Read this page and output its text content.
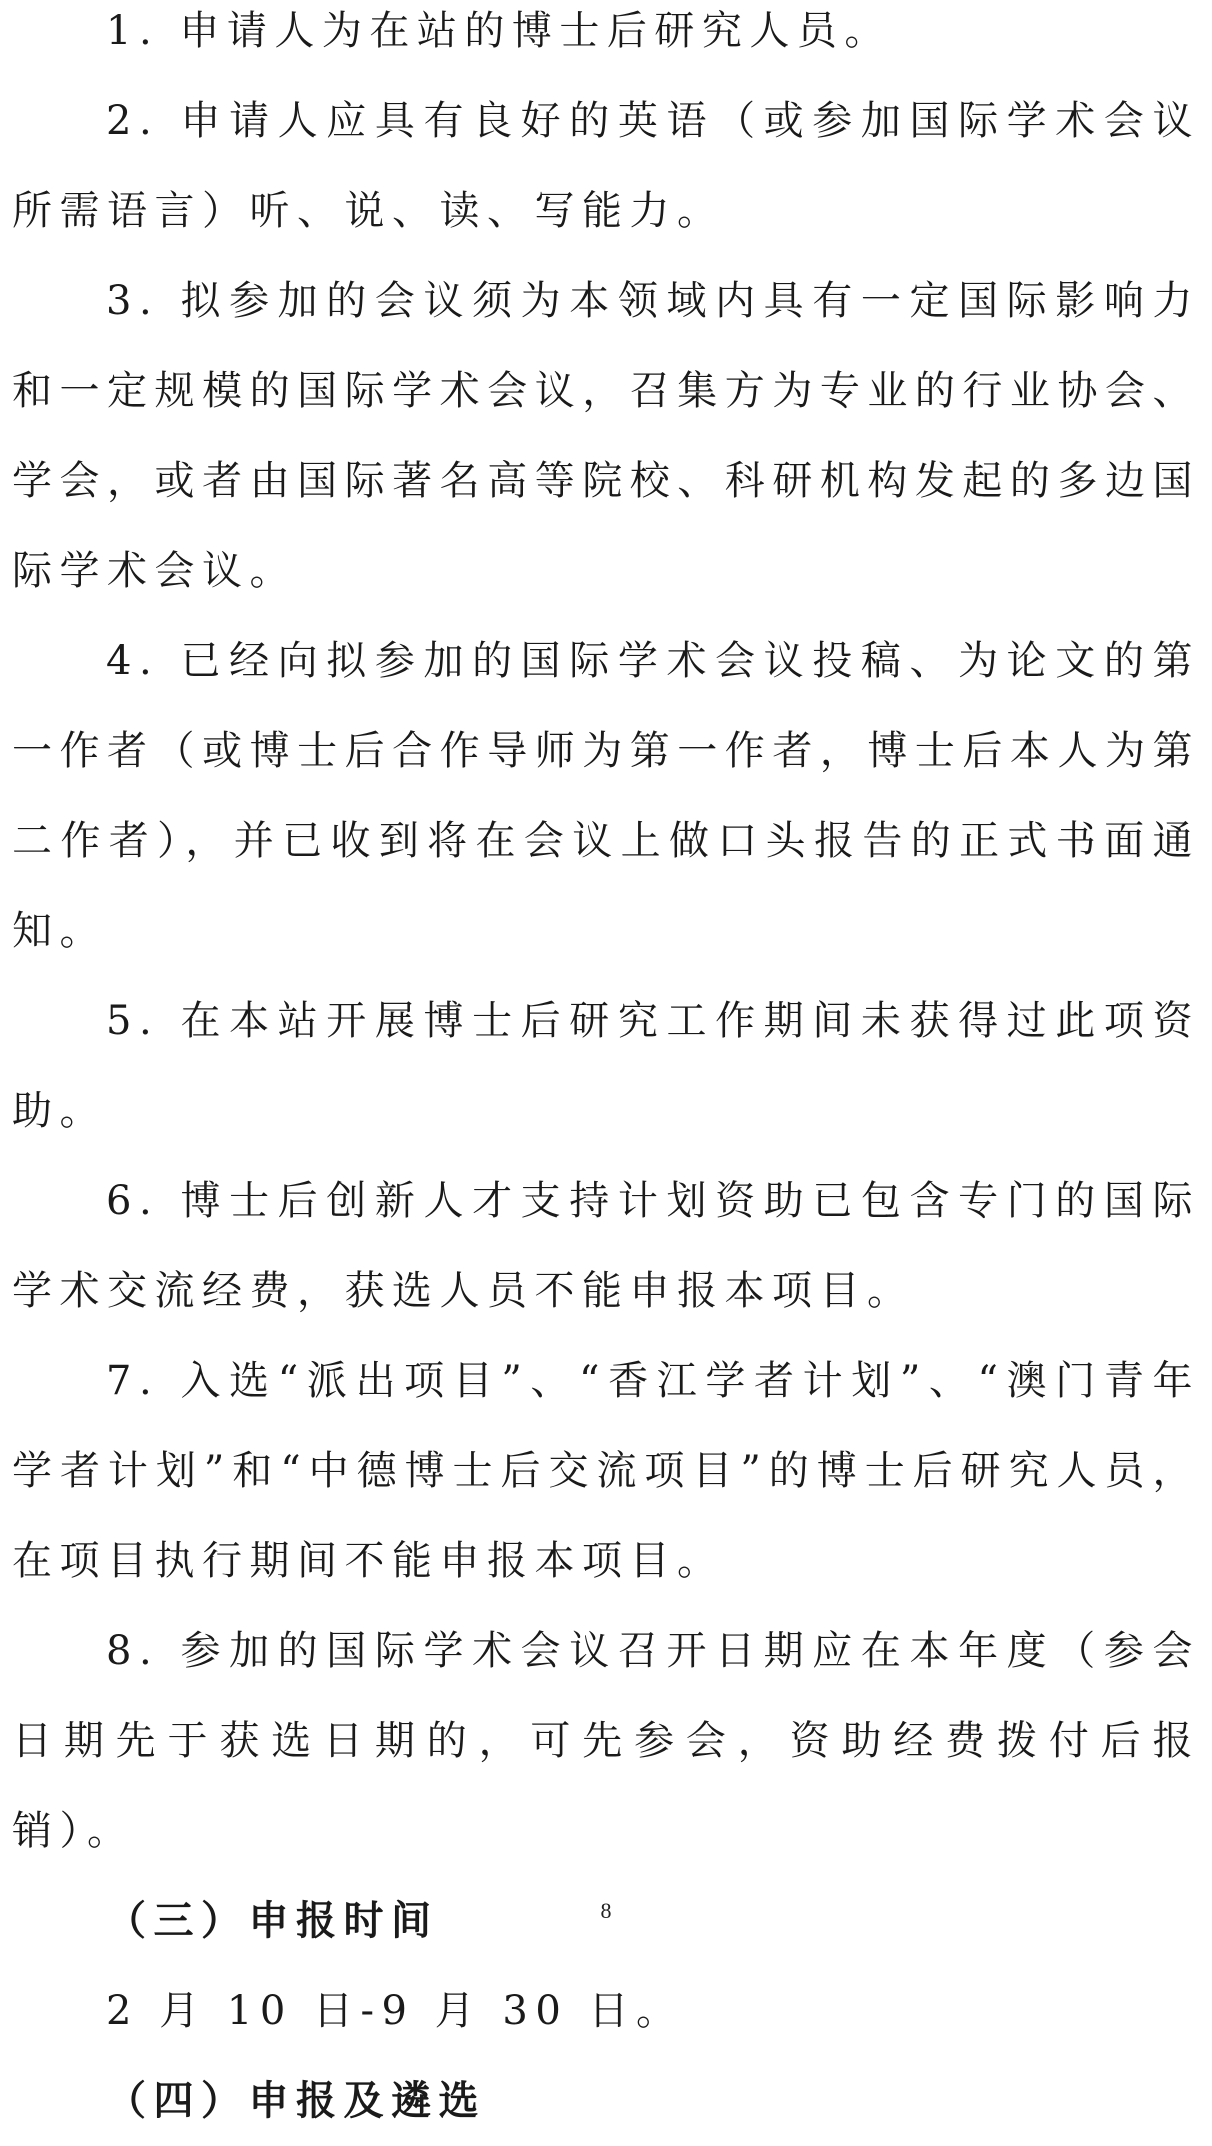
1. 申请人为在站的博士后研究人员。

2. 申请人应具有良好的英语（或参加国际学术会议所需语言）听、说、读、写能力。

3. 拟参加的会议须为本领域内具有一定国际影响力和一定规模的国际学术会议，召集方为专业的行业协会、学会，或者由国际著名高等院校、科研机构发起的多边国际学术会议。

4. 已经向拟参加的国际学术会议投稿、为论文的第一作者（或博士后合作导师为第一作者，博士后本人为第二作者），并已收到将在会议上做口头报告的正式书面通知。

5. 在本站开展博士后研究工作期间未获得过此项资助。

6. 博士后创新人才支持计划资助已包含专门的国际学术交流经费，获选人员不能申报本项目。

7. 入选“派出项目”、“香江学者计划”、“澳门青年学者计划”和“中德博士后交流项目”的博士后研究人员，在项目执行期间不能申报本项目。

8. 参加的国际学术会议召开日期应在本年度（参会日期先于获选日期的，可先参会，资助经费拨付后报销）。

（三）申报时间

2 月 10 日-9 月 30 日。

（四）申报及遴选

8
